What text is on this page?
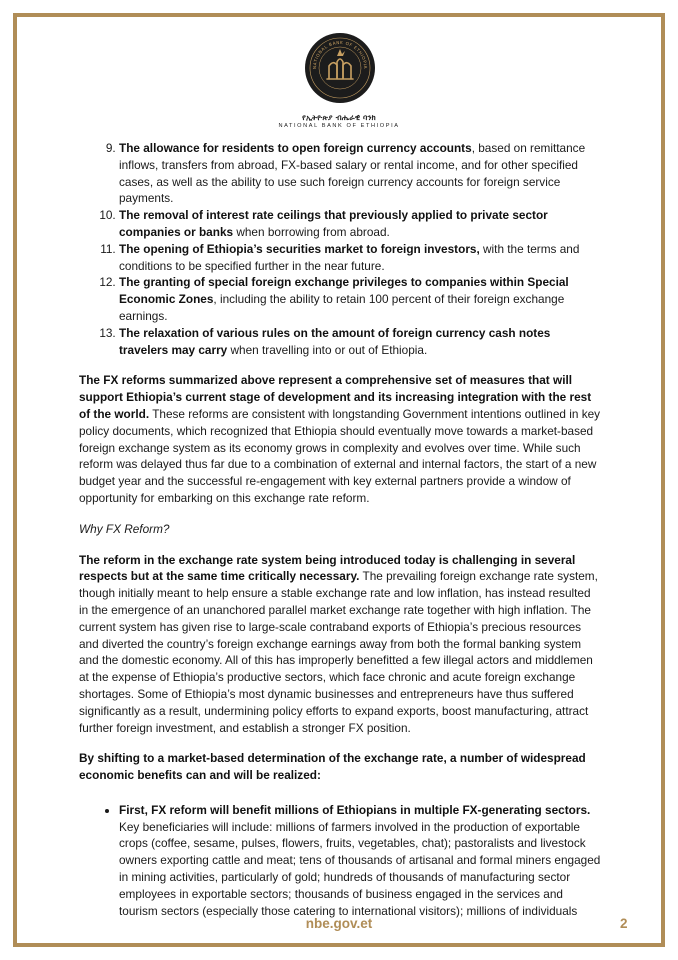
NATIONAL BANK OF ETHIOPIA
የኢትዮጵያ ብሔራዊ ባንክ
NATIONAL BANK OF ETHIOPIA
9. The allowance for residents to open foreign currency accounts, based on remittance inflows, transfers from abroad, FX-based salary or rental income, and for other specified cases, as well as the ability to use such foreign currency accounts for foreign service payments.
10. The removal of interest rate ceilings that previously applied to private sector companies or banks when borrowing from abroad.
11. The opening of Ethiopia’s securities market to foreign investors, with the terms and conditions to be specified further in the near future.
12. The granting of special foreign exchange privileges to companies within Special Economic Zones, including the ability to retain 100 percent of their foreign exchange earnings.
13. The relaxation of various rules on the amount of foreign currency cash notes travelers may carry when travelling into or out of Ethiopia.

The FX reforms summarized above represent a comprehensive set of measures that will support Ethiopia’s current stage of development and its increasing integration with the rest of the world. These reforms are consistent with longstanding Government intentions outlined in key policy documents, which recognized that Ethiopia should eventually move towards a market-based foreign exchange system as its economy grows in complexity and evolves over time. While such reform was delayed thus far due to a combination of external and internal factors, the start of a new budget year and the successful re-engagement with key external partners provide a window of opportunity for embarking on this exchange rate reform.

Why FX Reform?

The reform in the exchange rate system being introduced today is challenging in several respects but at the same time critically necessary. The prevailing foreign exchange rate system, though initially meant to help ensure a stable exchange rate and low inflation, has instead resulted in the emergence of an unanchored parallel market exchange rate together with high inflation. The current system has given rise to large-scale contraband exports of Ethiopia’s precious resources and diverted the country’s foreign exchange earnings away from both the formal banking system and the domestic economy. All of this has improperly benefitted a few illegal actors and middlemen at the expense of Ethiopia’s productive sectors, which face chronic and acute foreign exchange shortages. Some of Ethiopia’s most dynamic businesses and entrepreneurs have thus suffered significantly as a result, undermining policy efforts to expand exports, boost manufacturing, attract further foreign investment, and establish a stronger FX position.

By shifting to a market-based determination of the exchange rate, a number of widespread economic benefits can and will be realized:

• First, FX reform will benefit millions of Ethiopians in multiple FX-generating sectors. Key beneficiaries will include: millions of farmers involved in the production of exportable crops (coffee, sesame, pulses, flowers, fruits, vegetables, chat); pastoralists and livestock owners exporting cattle and meat; tens of thousands of artisanal and formal miners engaged in mining activities, particularly of gold; hundreds of thousands of manufacturing sector employees in exportable sectors; thousands of business engaged in the services and tourism sectors (especially those catering to international visitors); millions of individuals
nbe.gov.et	2
